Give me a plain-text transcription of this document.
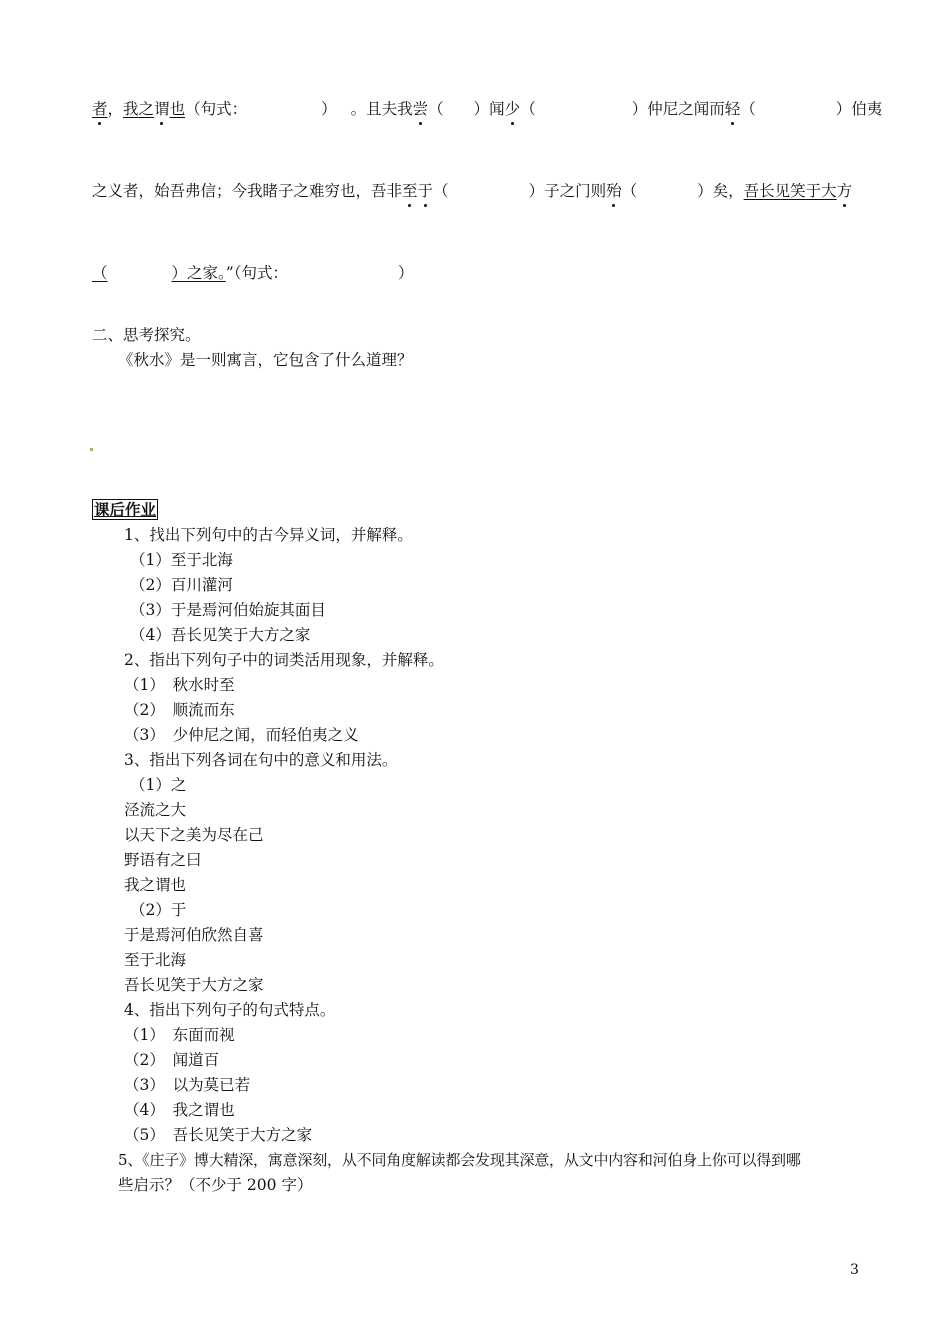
者，我之谓也（句式：	） 。且夫我尝（ ）闻少（	）仲尼之闻而轻（	）伯夷
之义者，始吾弗信；今我睹子之难穷也，吾非至于（	）子之门则殆（	）矣，吾长见笑于大方
（	）之家。”（句式：	）
二、思考探究。
《秋水》是一则寓言，它包含了什么道理？
课后作业
1、找出下列句中的古今异义词，并解释。
（1）至于北海
（2）百川灌河
（3）于是焉河伯始旋其面目
（4）吾长见笑于大方之家
2、指出下列句子中的词类活用现象，并解释。
（1）　秋水时至
（2）　顺流而东
（3）　少仲尼之闻，而轻伯夷之义
3、指出下列各词在句中的意义和用法。
（1）之
泾流之大
以天下之美为尽在己
野语有之曰
我之谓也
（2）于
于是焉河伯欣然自喜
至于北海
吾长见笑于大方之家
4、指出下列句子的句式特点。
（1）　东面而视
（2）　闻道百
（3）　以为莫已若
（4）　我之谓也
（5）　吾长见笑于大方之家
5、《庄子》博大精深，寓意深刻，从不同角度解读都会发现其深意，从文中内容和河伯身上你可以得到哪
些启示？（不少于 200 字）
3
